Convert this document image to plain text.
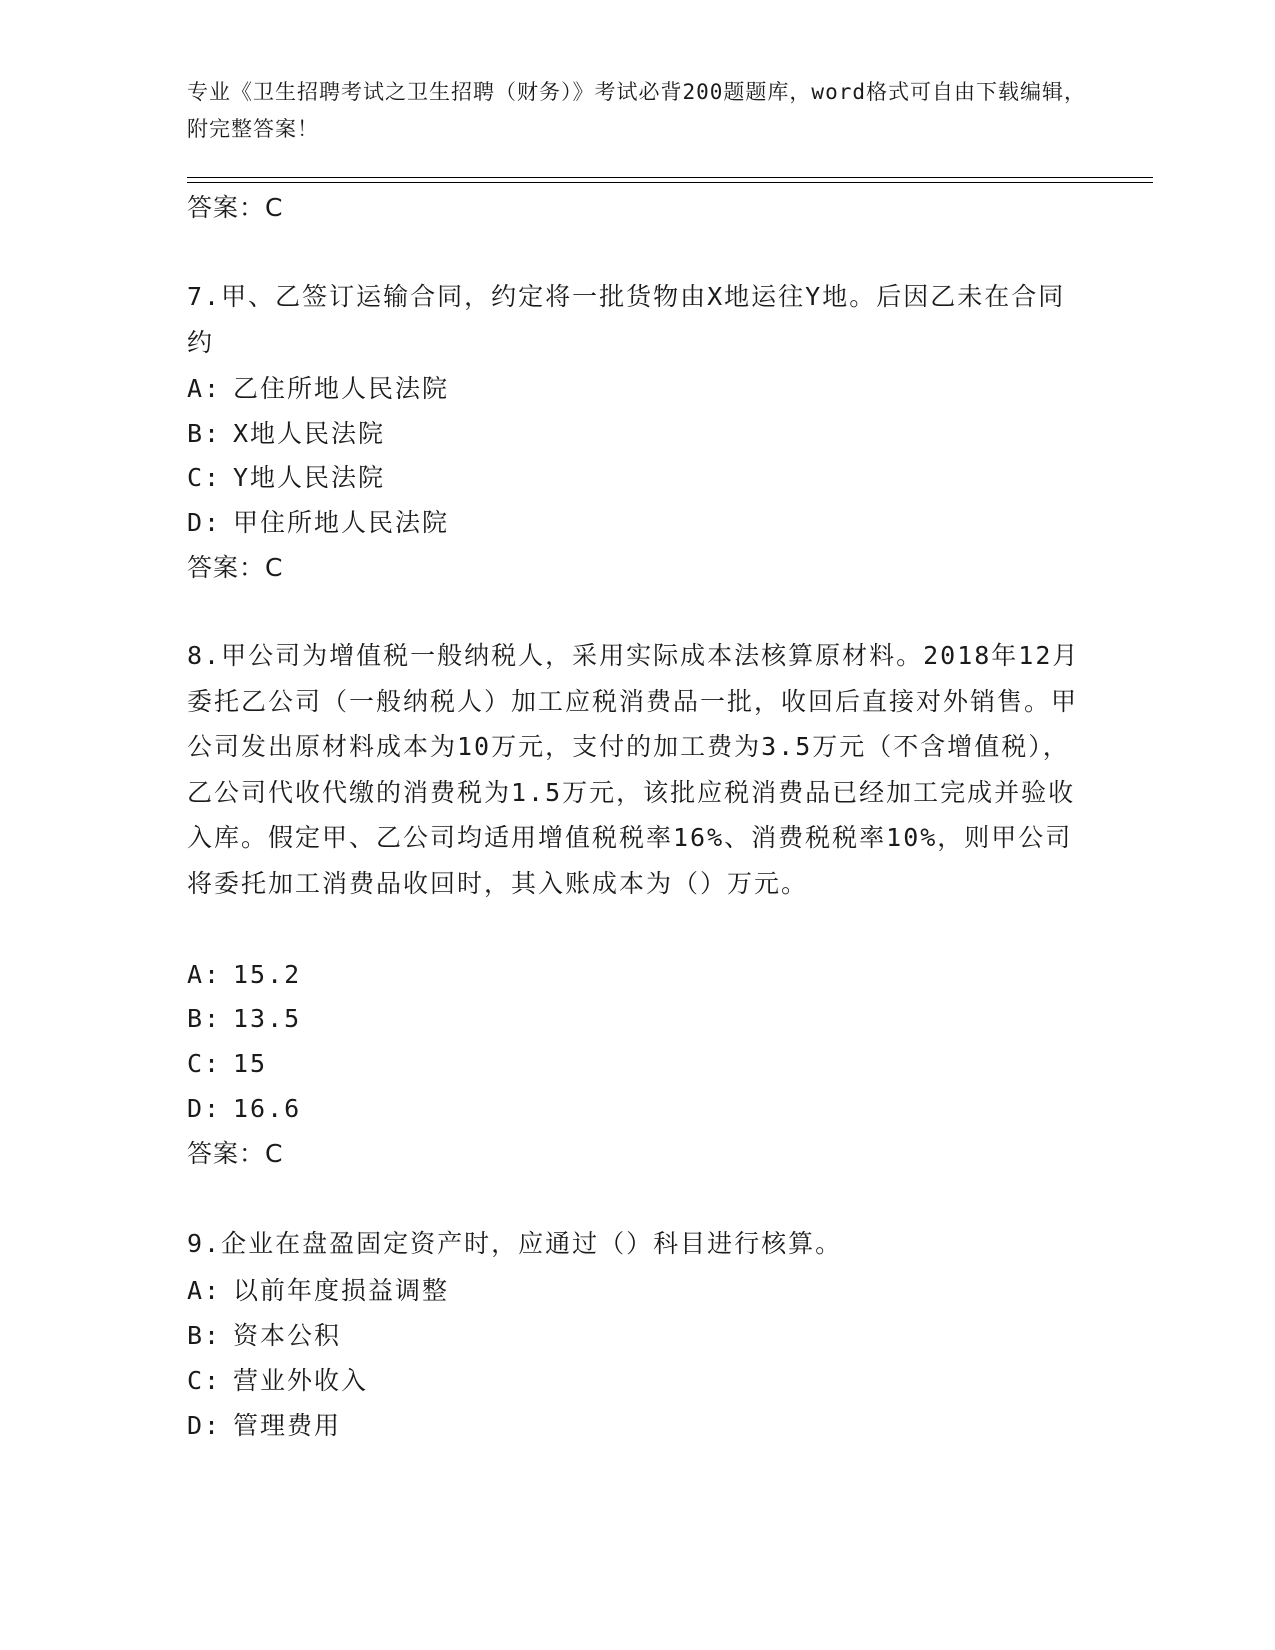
专业《卫生招聘考试之卫生招聘（财务）》考试必背200题题库，word格式可自由下载编辑，附完整答案！
答案：C
7.甲、乙签订运输合同，约定将一批货物由X地运往Y地。后因乙未在合同约
A: 乙住所地人民法院
B: X地人民法院
C: Y地人民法院
D: 甲住所地人民法院
答案：C
8.甲公司为增值税一般纳税人，采用实际成本法核算原材料。2018年12月委托乙公司（一般纳税人）加工应税消费品一批，收回后直接对外销售。甲公司发出原材料成本为10万元，支付的加工费为3.5万元（不含增值税），乙公司代收代缴的消费税为1.5万元，该批应税消费品已经加工完成并验收入库。假定甲、乙公司均适用增值税税率16%、消费税税率10%，则甲公司将委托加工消费品收回时，其入账成本为（）万元。
A: 15.2
B: 13.5
C: 15
D: 16.6
答案：C
9.企业在盘盈固定资产时，应通过（）科目进行核算。
A: 以前年度损益调整
B: 资本公积
C: 营业外收入
D: 管理费用
